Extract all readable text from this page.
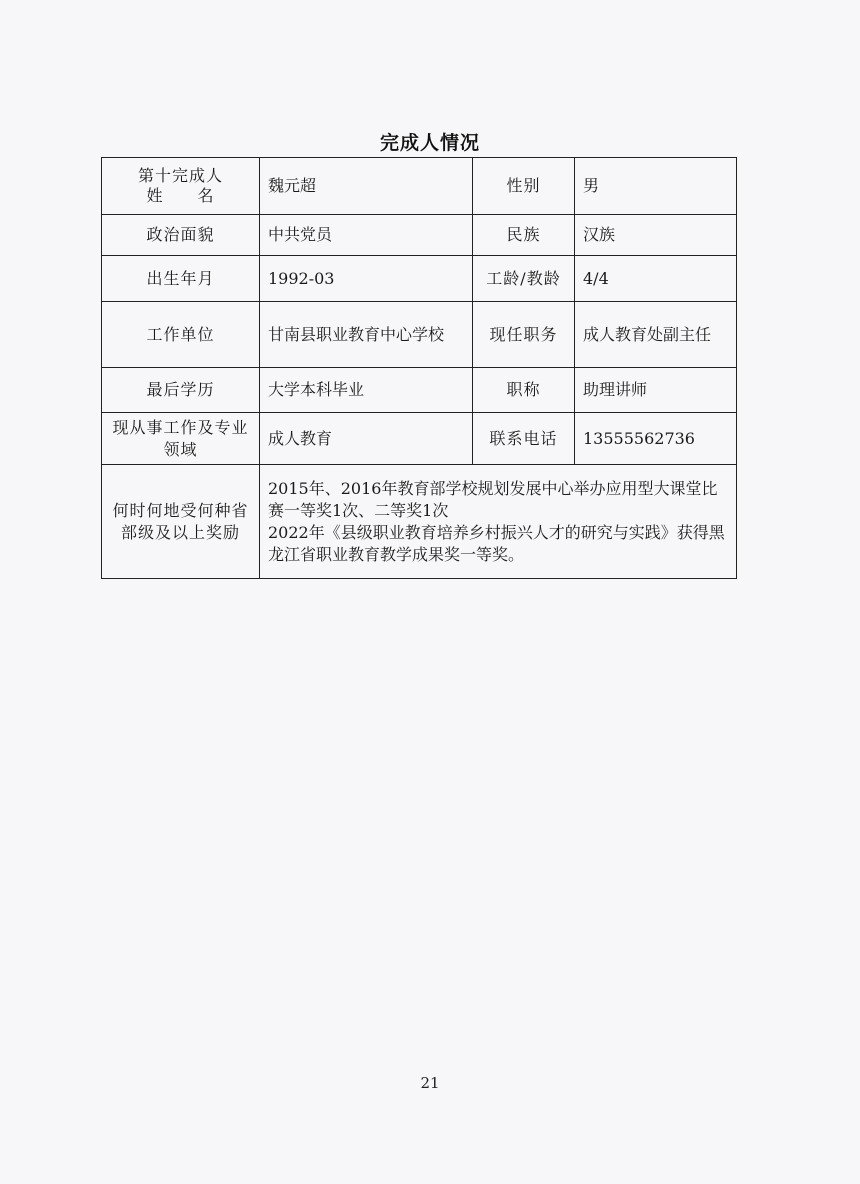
完成人情况
第十完成人
姓　　名	魏元超	性别	男
政治面貌	中共党员	民族	汉族
出生年月	1992-03	工龄/教龄	4/4
工作单位	甘南县职业教育中心学校	现任职务	成人教育处副主任
最后学历	大学本科毕业	职称	助理讲师
现从事工作及专业领域	成人教育	联系电话	13555562736
何时何地受何种省部级及以上奖励	2015年、2016年教育部学校规划发展中心举办应用型大课堂比赛一等奖1次、二等奖1次
2022年《县级职业教育培养乡村振兴人才的研究与实践》获得黑龙江省职业教育教学成果奖一等奖。		
21
